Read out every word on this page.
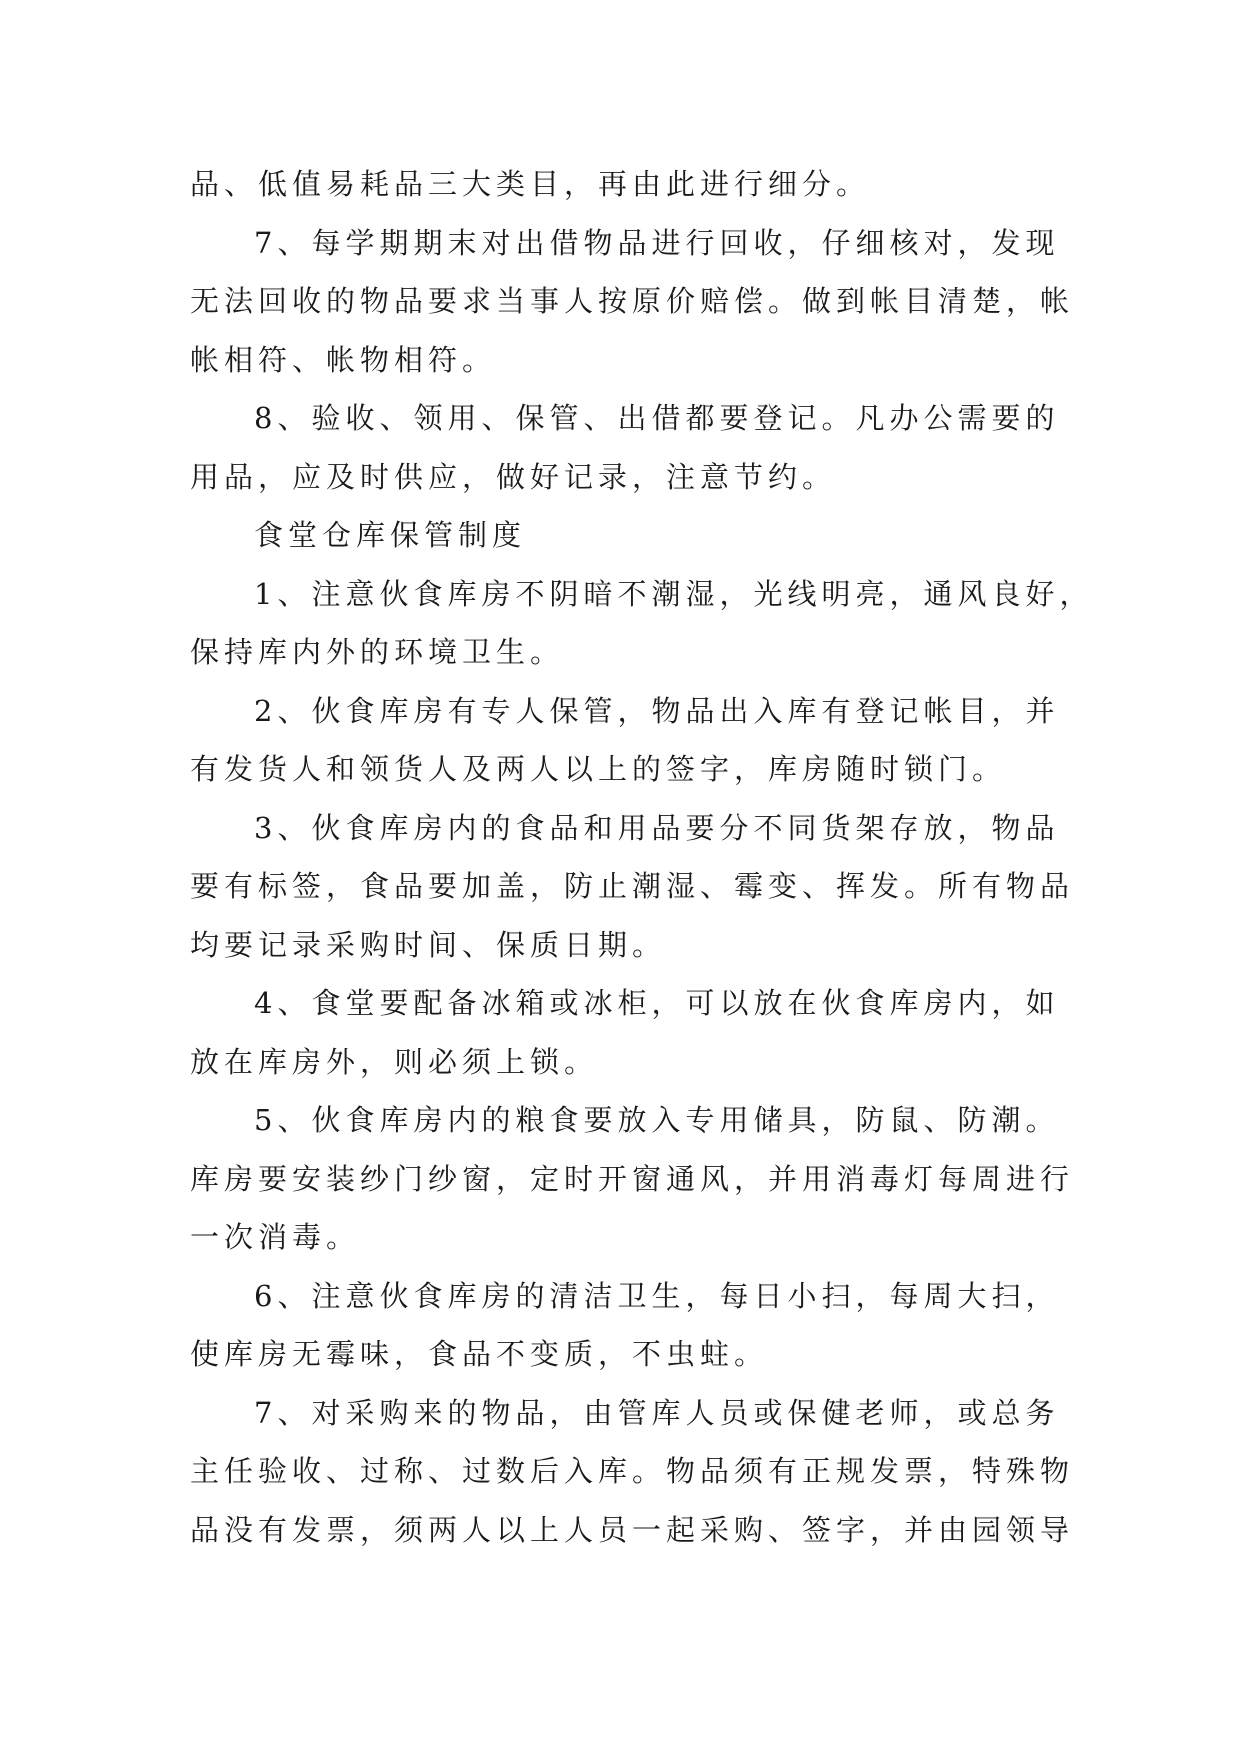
品、低值易耗品三大类目，再由此进行细分。
7、每学期期末对出借物品进行回收，仔细核对，发现
无法回收的物品要求当事人按原价赔偿。做到帐目清楚，帐
帐相符、帐物相符。
8、验收、领用、保管、出借都要登记。凡办公需要的
用品，应及时供应，做好记录，注意节约。
食堂仓库保管制度
1、注意伙食库房不阴暗不潮湿，光线明亮，通风良好，
保持库内外的环境卫生。
2、伙食库房有专人保管，物品出入库有登记帐目，并
有发货人和领货人及两人以上的签字，库房随时锁门。
3、伙食库房内的食品和用品要分不同货架存放，物品
要有标签，食品要加盖，防止潮湿、霉变、挥发。所有物品
均要记录采购时间、保质日期。
4、食堂要配备冰箱或冰柜，可以放在伙食库房内，如
放在库房外，则必须上锁。
5、伙食库房内的粮食要放入专用储具，防鼠、防潮。
库房要安装纱门纱窗，定时开窗通风，并用消毒灯每周进行
一次消毒。
6、注意伙食库房的清洁卫生，每日小扫，每周大扫，
使库房无霉味，食品不变质，不虫蛀。
7、对采购来的物品，由管库人员或保健老师，或总务
主任验收、过称、过数后入库。物品须有正规发票，特殊物
品没有发票，须两人以上人员一起采购、签字，并由园领导
